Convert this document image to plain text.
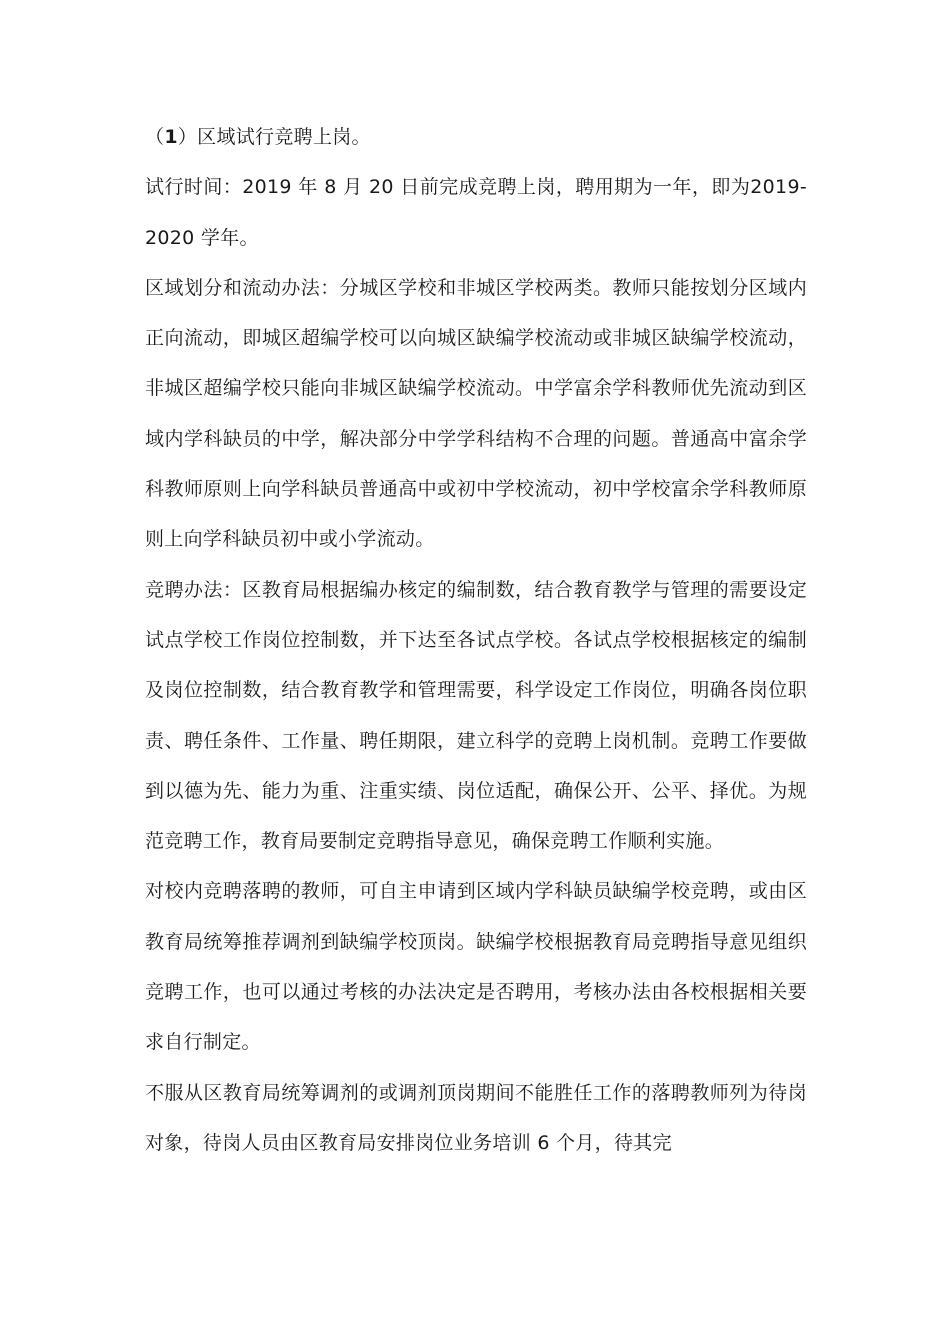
（1）区域试行竞聘上岗。

试行时间：2019 年 8 月 20 日前完成竞聘上岗，聘用期为一年，即为2019-2020 学年。

区域划分和流动办法：分城区学校和非城区学校两类。教师只能按划分区域内正向流动，即城区超编学校可以向城区缺编学校流动或非城区缺编学校流动，非城区超编学校只能向非城区缺编学校流动。中学富余学科教师优先流动到区域内学科缺员的中学，解决部分中学学科结构不合理的问题。普通高中富余学科教师原则上向学科缺员普通高中或初中学校流动，初中学校富余学科教师原则上向学科缺员初中或小学流动。

竞聘办法：区教育局根据编办核定的编制数，结合教育教学与管理的需要设定试点学校工作岗位控制数，并下达至各试点学校。各试点学校根据核定的编制及岗位控制数，结合教育教学和管理需要，科学设定工作岗位，明确各岗位职责、聘任条件、工作量、聘任期限，建立科学的竞聘上岗机制。竞聘工作要做到以德为先、能力为重、注重实绩、岗位适配，确保公开、公平、择优。为规范竞聘工作，教育局要制定竞聘指导意见，确保竞聘工作顺利实施。

对校内竞聘落聘的教师，可自主申请到区域内学科缺员缺编学校竞聘，或由区教育局统筹推荐调剂到缺编学校顶岗。缺编学校根据教育局竞聘指导意见组织竞聘工作，也可以通过考核的办法决定是否聘用，考核办法由各校根据相关要求自行制定。

不服从区教育局统筹调剂的或调剂顶岗期间不能胜任工作的落聘教师列为待岗对象，待岗人员由区教育局安排岗位业务培训 6 个月，待其完
